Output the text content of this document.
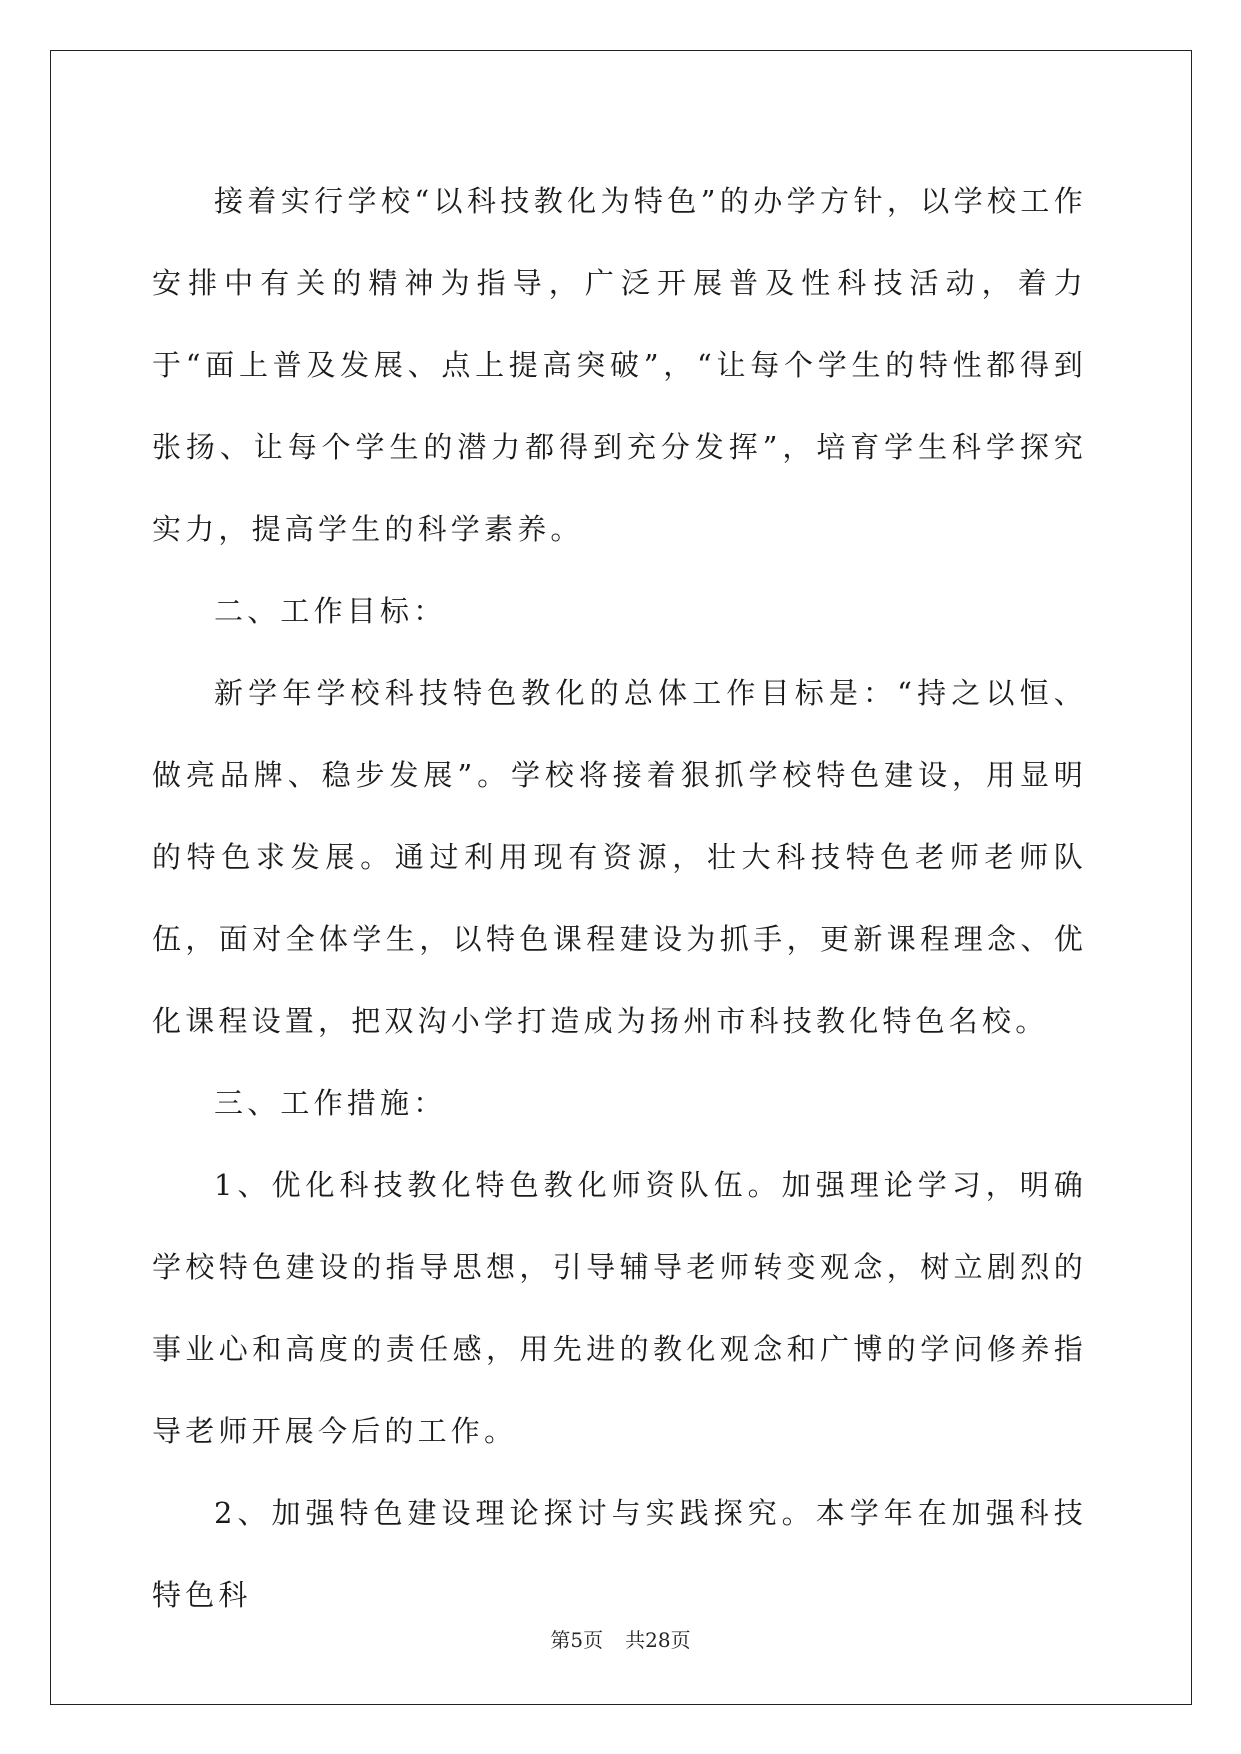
接着实行学校“以科技教化为特色”的办学方针，以学校工作安排中有关的精神为指导，广泛开展普及性科技活动，着力于“面上普及发展、点上提高突破”，“让每个学生的特性都得到张扬、让每个学生的潜力都得到充分发挥”，培育学生科学探究实力，提高学生的科学素养。

二、工作目标：

新学年学校科技特色教化的总体工作目标是：“持之以恒、做亮品牌、稳步发展”。学校将接着狠抓学校特色建设，用显明的特色求发展。通过利用现有资源，壮大科技特色老师老师队伍，面对全体学生，以特色课程建设为抓手，更新课程理念、优化课程设置，把双沟小学打造成为扬州市科技教化特色名校。

三、工作措施：

1、优化科技教化特色教化师资队伍。加强理论学习，明确学校特色建设的指导思想，引导辅导老师转变观念，树立剧烈的事业心和高度的责任感，用先进的教化观念和广博的学问修养指导老师开展今后的工作。

2、加强特色建设理论探讨与实践探究。本学年在加强科技特色科

第5页 共28页
